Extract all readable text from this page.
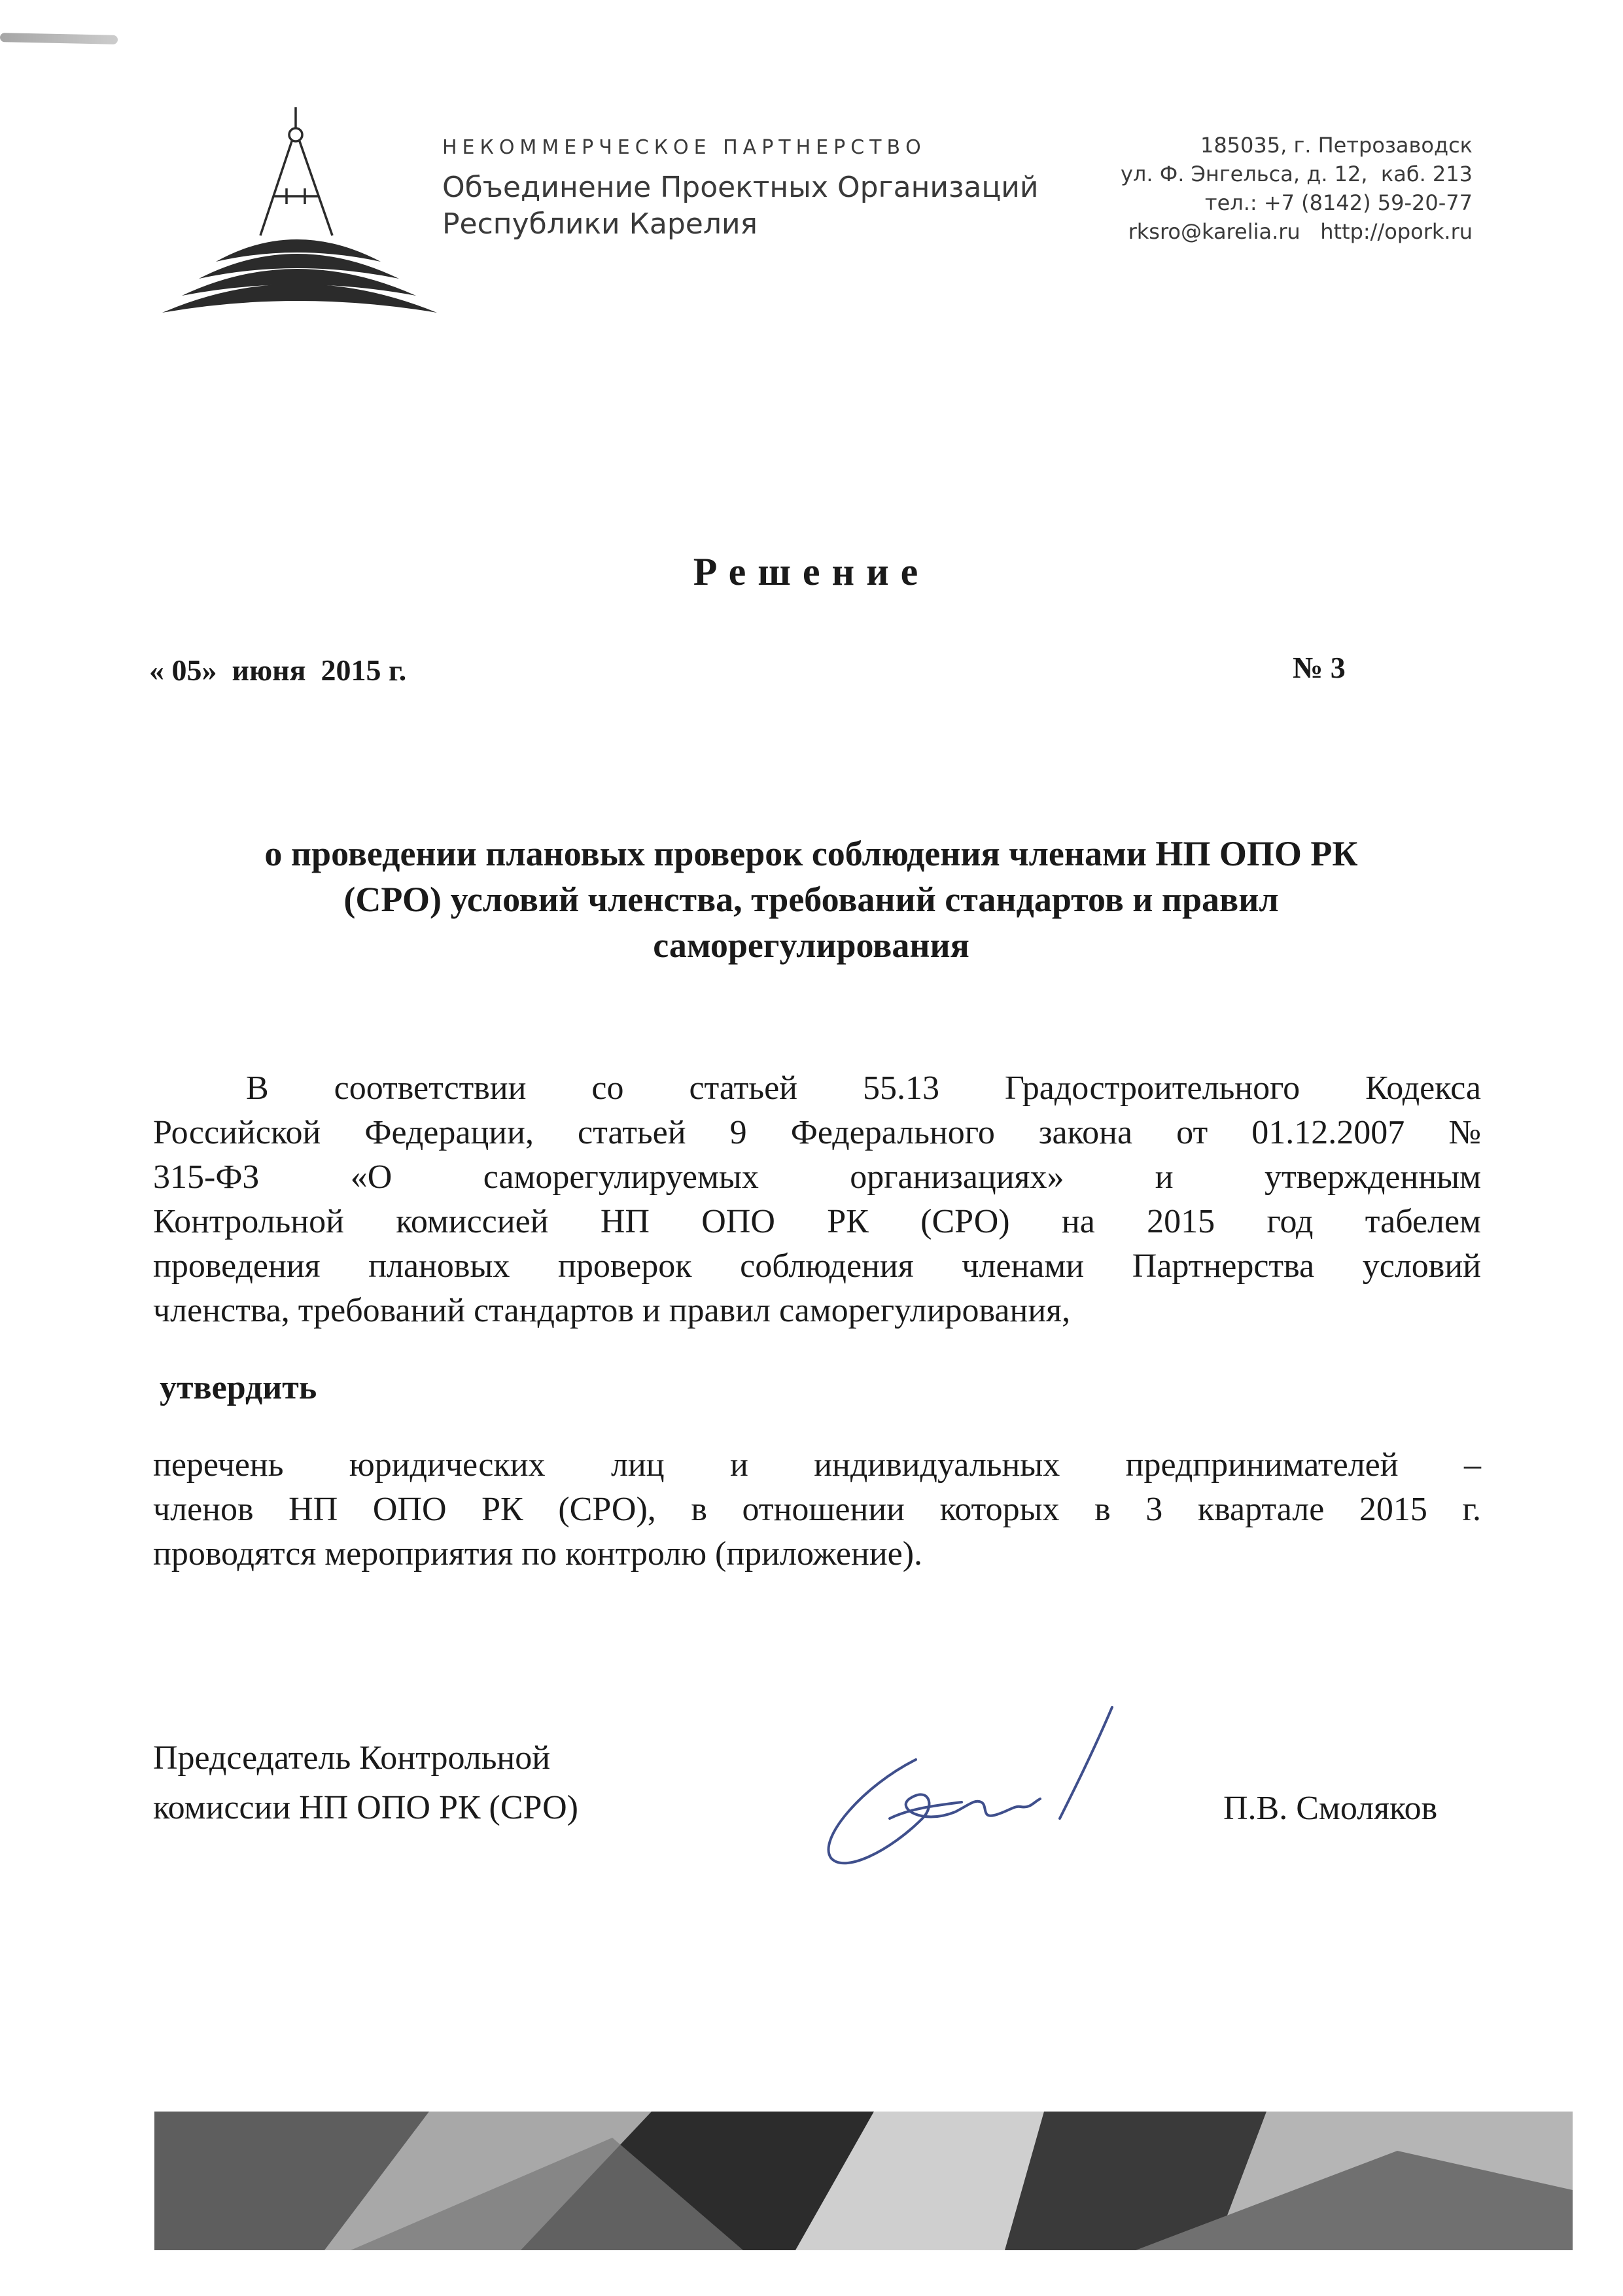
НЕКОММЕРЧЕСКОЕ ПАРТНЕРСТВО
Объединение Проектных Организаций
Республики Карелия
185035, г. Петрозаводск
ул. Ф. Энгельса, д. 12,  каб. 213
тел.: +7 (8142) 59-20-77
rksro@karelia.ru   http://opork.ru
Решение
« 05»  июня  2015 г.	№ 3
о проведении плановых проверок соблюдения членами НП ОПО РК
(СРО) условий членства, требований стандартов и правил
саморегулирования
В соответствии со статьей 55.13 Градостроительного Кодекса
Российской Федерации, статьей 9 Федерального закона от 01.12.2007 №
315-ФЗ «О саморегулируемых организациях» и утвержденным
Контрольной комиссией НП ОПО РК (СРО) на 2015 год табелем
проведения плановых проверок соблюдения членами Партнерства условий
членства, требований стандартов и правил саморегулирования,
утвердить
перечень юридических лиц и индивидуальных предпринимателей –
членов НП ОПО РК (СРО), в отношении которых в 3 квартале 2015 г.
проводятся мероприятия по контролю (приложение).
Председатель Контрольной
комиссии НП ОПО РК (СРО)	П.В. Смоляков
